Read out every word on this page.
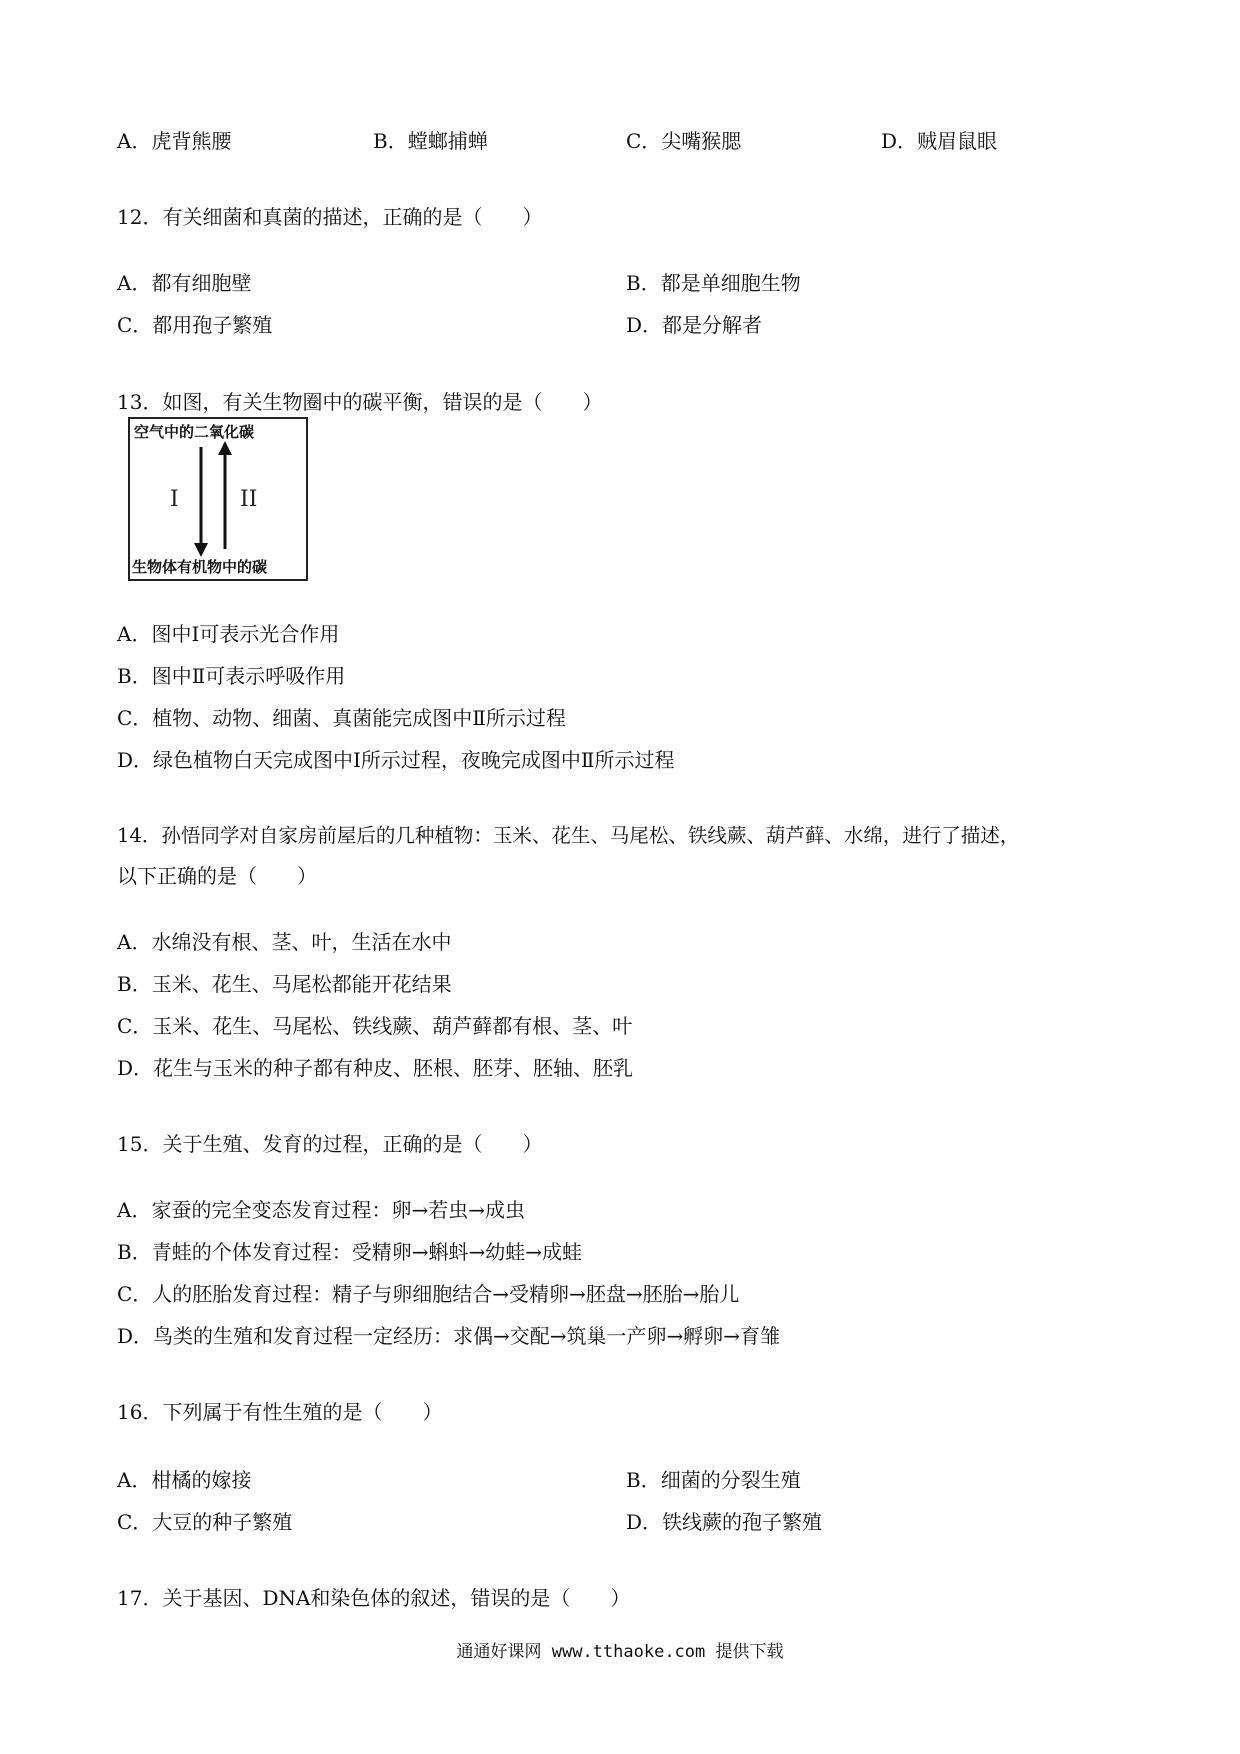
A．虎背熊腰	B．螳螂捕蝉	C．尖嘴猴腮	D．贼眉鼠眼
12．有关细菌和真菌的描述，正确的是（　　）
A．都有细胞壁	B．都是单细胞生物
C．都用孢子繁殖	D．都是分解者
13．如图，有关生物圈中的碳平衡，错误的是（　　）
空气中的二氧化碳
I	II
生物体有机物中的碳
A．图中Ⅰ可表示光合作用
B．图中Ⅱ可表示呼吸作用
C．植物、动物、细菌、真菌能完成图中Ⅱ所示过程
D．绿色植物白天完成图中Ⅰ所示过程，夜晚完成图中Ⅱ所示过程
14．孙悟同学对自家房前屋后的几种植物：玉米、花生、马尾松、铁线蕨、葫芦藓、水绵，进行了描述，
以下正确的是（　　）
A．水绵没有根、茎、叶，生活在水中
B．玉米、花生、马尾松都能开花结果
C．玉米、花生、马尾松、铁线蕨、葫芦藓都有根、茎、叶
D．花生与玉米的种子都有种皮、胚根、胚芽、胚轴、胚乳
15．关于生殖、发育的过程，正确的是（　　）
A．家蚕的完全变态发育过程：卵→若虫→成虫
B．青蛙的个体发育过程：受精卵→蝌蚪→幼蛙→成蛙
C．人的胚胎发育过程：精子与卵细胞结合→受精卵→胚盘→胚胎→胎儿
D．鸟类的生殖和发育过程一定经历：求偶→交配→筑巢一产卵→孵卵→育雏
16．下列属于有性生殖的是（　　）
A．柑橘的嫁接	B．细菌的分裂生殖
C．大豆的种子繁殖	D．铁线蕨的孢子繁殖
17．关于基因、DNA和染色体的叙述，错误的是（　　）
通通好课网 www.tthaoke.com 提供下载
